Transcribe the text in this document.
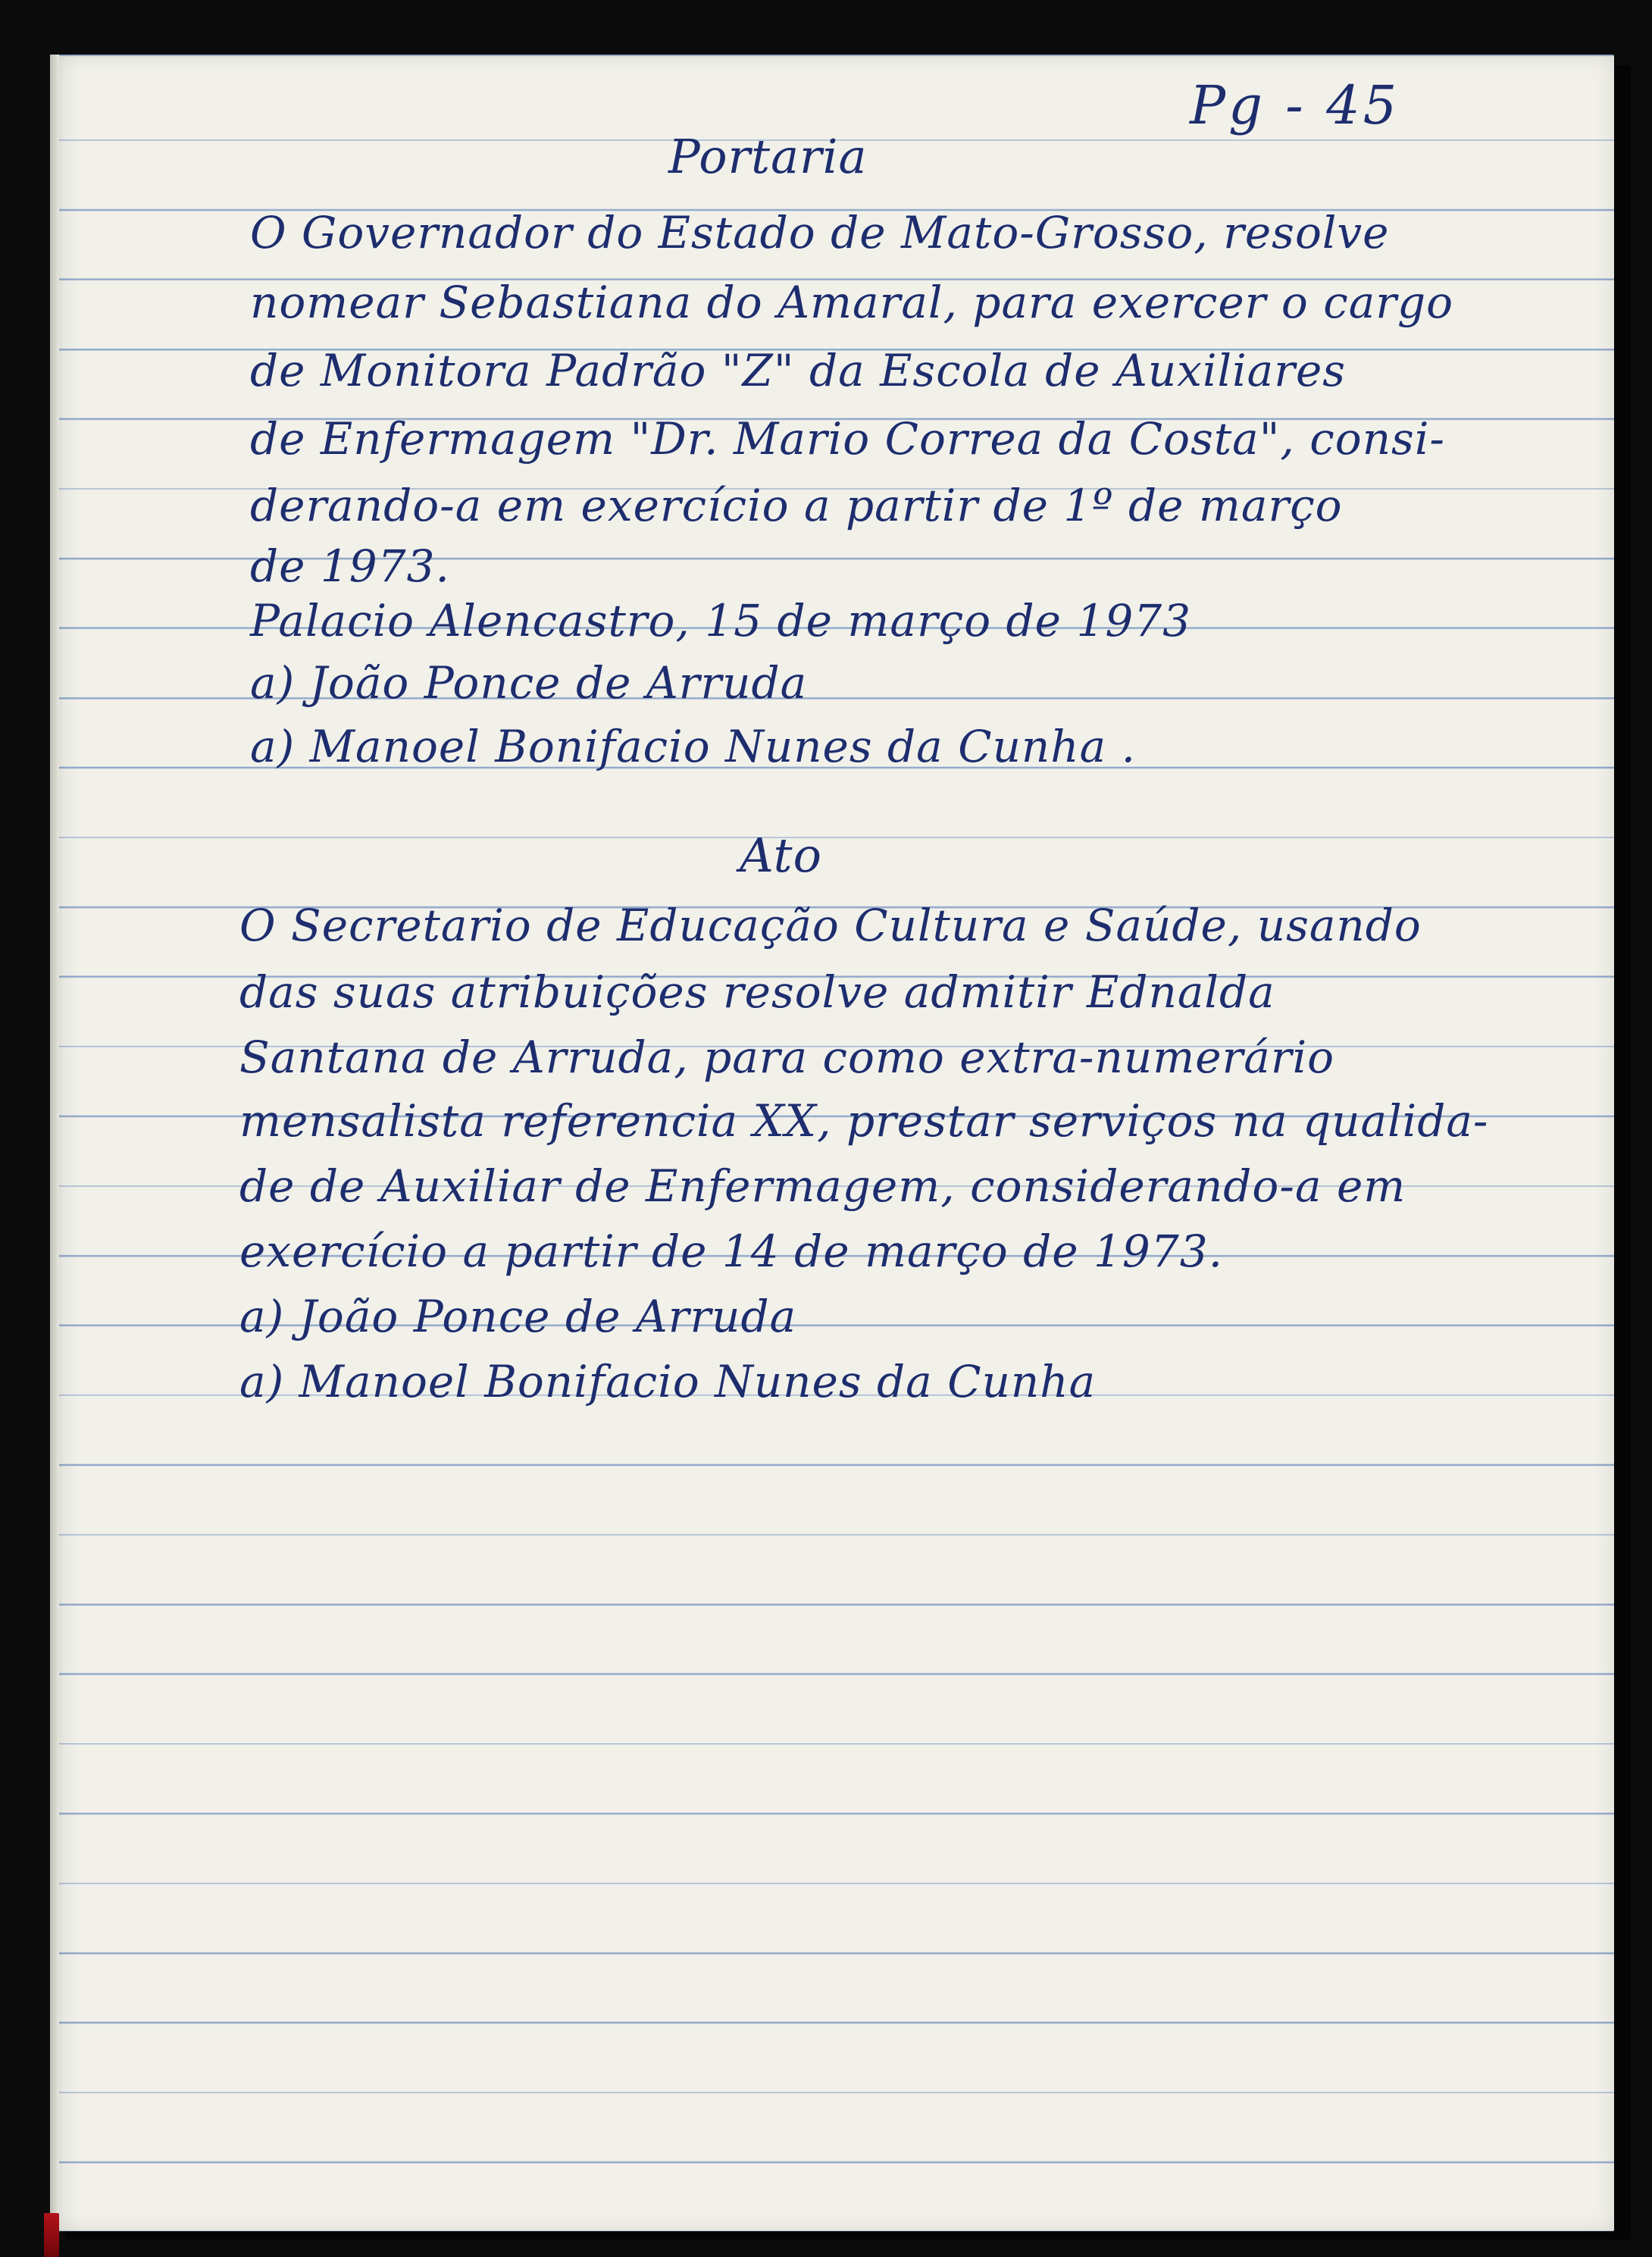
Pg - 45
Portaria
O Governador do Estado de Mato-Grosso, resolve
nomear Sebastiana do Amaral, para exercer o cargo
de Monitora Padrão "Z" da Escola de Auxiliares
de Enfermagem "Dr. Mario Correa da Costa", consi-
derando-a em exercício a partir de 1º de março
de 1973.
Palacio Alencastro, 15 de março de 1973
a) João Ponce de Arruda
a) Manoel Bonifacio Nunes da Cunha .
Ato
O Secretario de Educação Cultura e Saúde, usando
das suas atribuições resolve admitir Ednalda
Santana de Arruda, para como extra-numerário
mensalista referencia XX, prestar serviços na qualida-
de de Auxiliar de Enfermagem, considerando-a em
exercício a partir de 14 de março de 1973.
a) João Ponce de Arruda
a) Manoel Bonifacio Nunes da Cunha
